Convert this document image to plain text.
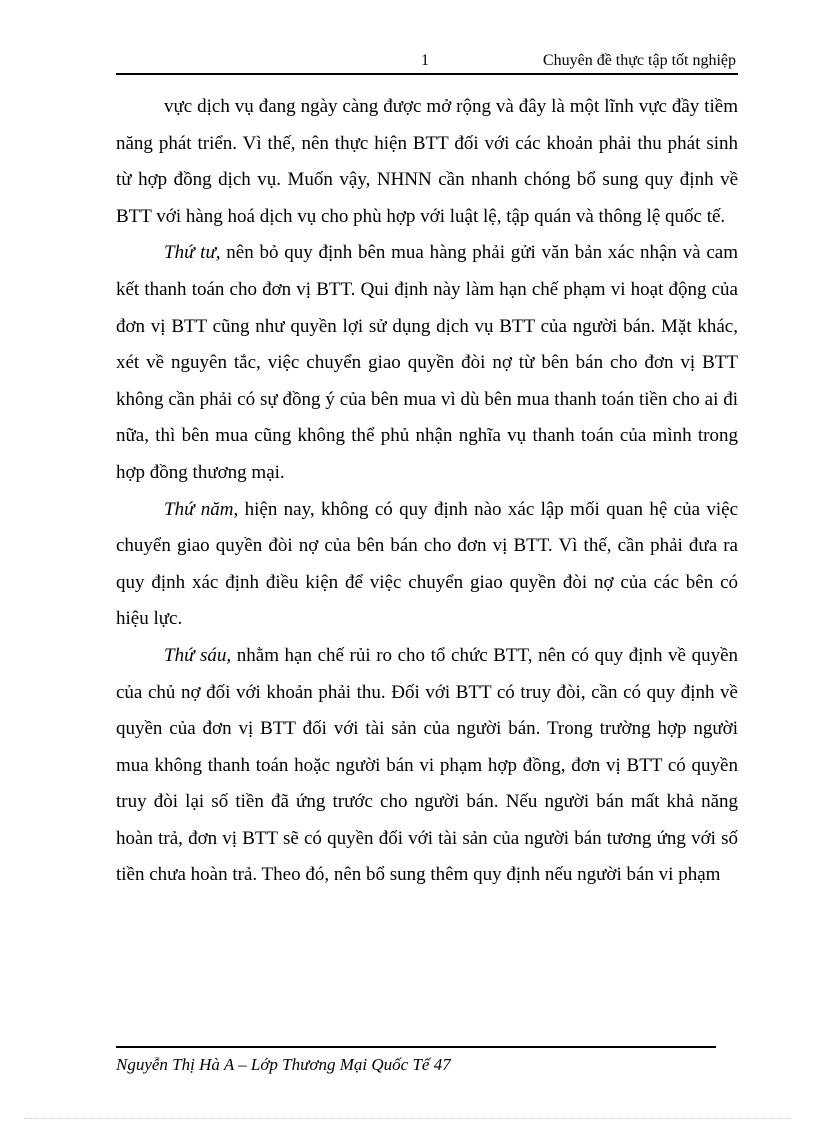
1	Chuyên đề thực tập tốt nghiệp

vực dịch vụ đang ngày càng được mở rộng và đây là một lĩnh vực đầy tiềm năng phát triển. Vì thế, nên thực hiện BTT đối với các khoản phải thu phát sinh từ hợp đồng dịch vụ. Muốn vậy, NHNN cần nhanh chóng bổ sung quy định về BTT với hàng hoá dịch vụ cho phù hợp với luật lệ, tập quán và thông lệ quốc tế.

Thứ tư, nên bỏ quy định bên mua hàng phải gửi văn bản xác nhận và cam kết thanh toán cho đơn vị BTT. Qui định này làm hạn chế phạm vi hoạt động của đơn vị BTT cũng như quyền lợi sử dụng dịch vụ BTT của người bán. Mặt khác, xét về nguyên tắc, việc chuyển giao quyền đòi nợ từ bên bán cho đơn vị BTT không cần phải có sự đồng ý của bên mua vì dù bên mua thanh toán tiền cho ai đi nữa, thì bên mua cũng không thể phủ nhận nghĩa vụ thanh toán của mình trong hợp đồng thương mại.

Thứ năm, hiện nay, không có quy định nào xác lập mối quan hệ của việc chuyển giao quyền đòi nợ của bên bán cho đơn vị BTT. Vì thế, cần phải đưa ra quy định xác định điều kiện để việc chuyển giao quyền đòi nợ của các bên có hiệu lực.

Thứ sáu, nhằm hạn chế rủi ro cho tổ chức BTT, nên có quy định về quyền của chủ nợ đối với khoản phải thu. Đối với BTT có truy đòi, cần có quy định về quyền của đơn vị BTT đối với tài sản của người bán. Trong trường hợp người mua không thanh toán hoặc người bán vi phạm hợp đồng, đơn vị BTT có quyền truy đòi lại số tiền đã ứng trước cho người bán. Nếu người bán mất khả năng hoàn trả, đơn vị BTT sẽ có quyền đối với tài sản của người bán tương ứng với số tiền chưa hoàn trả. Theo đó, nên bổ sung thêm quy định nếu người bán vi phạm

Nguyễn Thị Hà A – Lớp Thương Mại Quốc Tế 47
